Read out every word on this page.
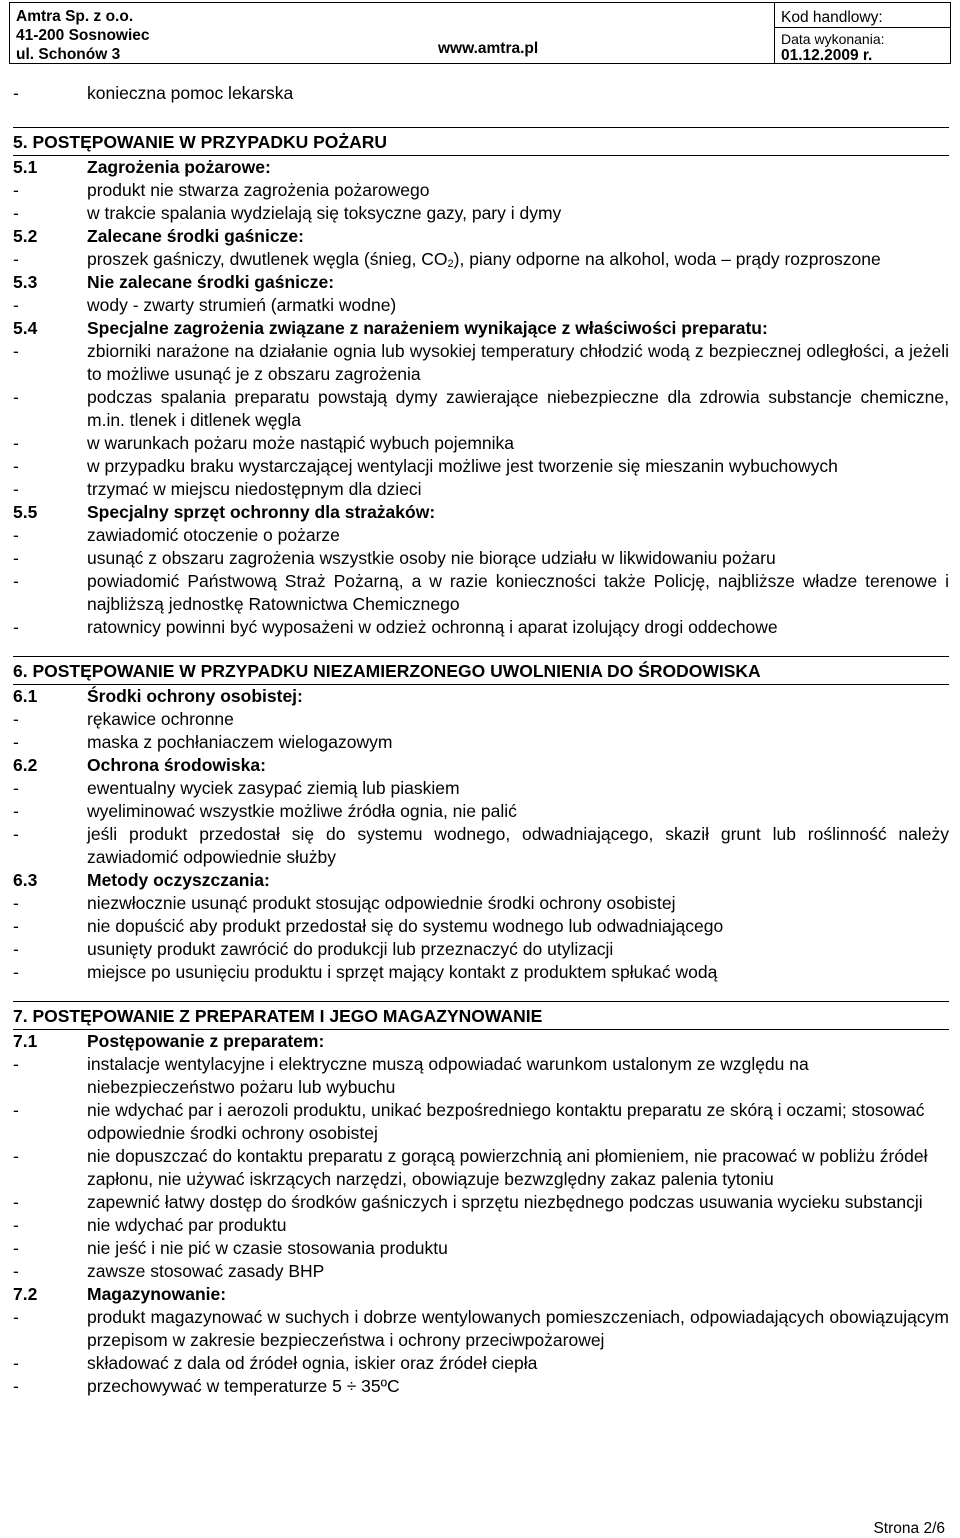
Amtra Sp. z o.o.
41-200 Sosnowiec
ul. Schonów 3	www.amtra.pl
Kod handlowy:
Data wykonania:
01.12.2009 r.
-	konieczna pomoc lekarska
5. POSTĘPOWANIE W PRZYPADKU POŻARU
5.1	Zagrożenia pożarowe:
-	produkt nie stwarza zagrożenia pożarowego
-	w trakcie spalania wydzielają się toksyczne gazy, pary i dymy
5.2	Zalecane środki gaśnicze:
-	proszek gaśniczy, dwutlenek węgla (śnieg, $CO_2$), piany odporne na alkohol, woda – prądy rozproszone
5.3	Nie zalecane środki gaśnicze:
-	wody - zwarty strumień (armatki wodne)
5.4	Specjalne zagrożenia związane z narażeniem wynikające z właściwości preparatu:
-	zbiorniki narażone na działanie ognia lub wysokiej temperatury chłodzić wodą z bezpiecznej odległości, a jeżeli to możliwe usunąć je z obszaru zagrożenia
-	podczas spalania preparatu powstają dymy zawierające niebezpieczne dla zdrowia substancje chemiczne, m.in. tlenek i ditlenek węgla
-	w warunkach pożaru może nastąpić wybuch pojemnika
-	w przypadku braku wystarczającej wentylacji możliwe jest tworzenie się mieszanin wybuchowych
-	trzymać w miejscu niedostępnym dla dzieci
5.5	Specjalny sprzęt ochronny dla strażaków:
-	zawiadomić otoczenie o pożarze
-	usunąć z obszaru zagrożenia wszystkie osoby nie biorące udziału w likwidowaniu pożaru
-	powiadomić Państwową Straż Pożarną, a w razie konieczności także Policję, najbliższe władze terenowe i najbliższą jednostkę Ratownictwa Chemicznego
-	ratownicy powinni być wyposażeni w odzież ochronną i aparat izolujący drogi oddechowe
6. POSTĘPOWANIE W PRZYPADKU NIEZAMIERZONEGO UWOLNIENIA DO ŚRODOWISKA
6.1	Środki ochrony osobistej:
-	rękawice ochronne
-	maska z pochłaniaczem wielogazowym
6.2	Ochrona środowiska:
-	ewentualny wyciek zasypać ziemią lub piaskiem
-	wyeliminować wszystkie możliwe źródła ognia, nie palić
-	jeśli produkt przedostał się do systemu wodnego, odwadniającego, skaził grunt lub roślinność należy zawiadomić odpowiednie służby
6.3	Metody oczyszczania:
-	niezwłocznie usunąć produkt stosując odpowiednie środki ochrony osobistej
-	nie dopuścić aby produkt przedostał się do systemu wodnego lub odwadniającego
-	usunięty produkt zawrócić do produkcji lub przeznaczyć do utylizacji
-	miejsce po usunięciu produktu i sprzęt mający kontakt z produktem spłukać wodą
7. POSTĘPOWANIE Z PREPARATEM I JEGO MAGAZYNOWANIE
7.1	Postępowanie z preparatem:
-	instalacje wentylacyjne i elektryczne muszą odpowiadać warunkom ustalonym ze względu na niebezpieczeństwo pożaru lub wybuchu
-	nie wdychać par i aerozoli produktu, unikać bezpośredniego kontaktu preparatu ze skórą i oczami; stosować odpowiednie środki ochrony osobistej
-	nie dopuszczać do kontaktu preparatu z gorącą powierzchnią ani płomieniem, nie pracować w pobliżu źródeł zapłonu, nie używać iskrzących narzędzi, obowiązuje bezwzględny zakaz palenia tytoniu
-	zapewnić łatwy dostęp do środków gaśniczych i sprzętu niezbędnego podczas usuwania wycieku substancji
-	nie wdychać par produktu
-	nie jeść i nie pić w czasie stosowania produktu
-	zawsze stosować zasady BHP
7.2	Magazynowanie:
-	produkt magazynować w suchych i dobrze wentylowanych pomieszczeniach, odpowiadających obowiązującym przepisom w zakresie bezpieczeństwa i ochrony przeciwpożarowej
-	składować z dala od źródeł ognia, iskier oraz źródeł ciepła
-	przechowywać w temperaturze 5 ÷ 35ºC
Strona 2/6
